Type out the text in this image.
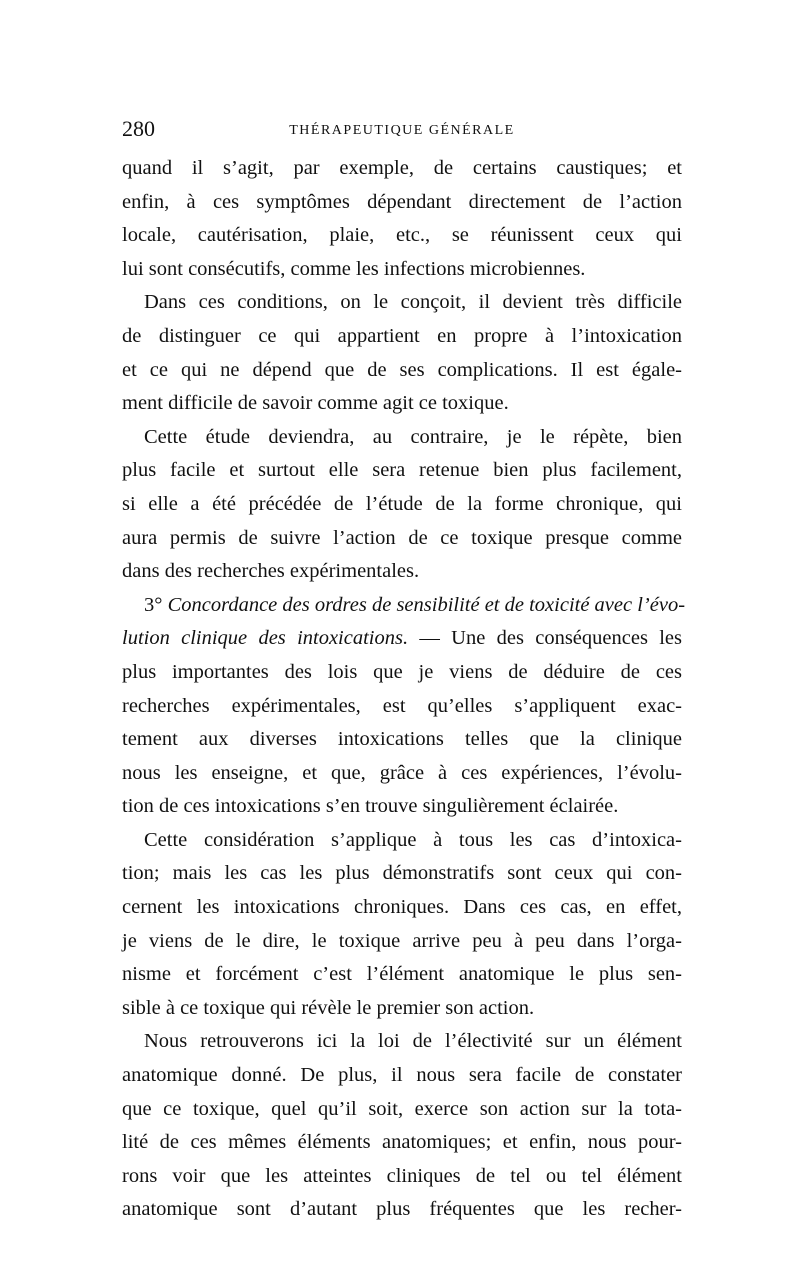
280	THÉRAPEUTIQUE GÉNÉRALE
quand il s’agit, par exemple, de certains caustiques; et
enfin, à ces symptômes dépendant directement de l’action
locale, cautérisation, plaie, etc., se réunissent ceux qui
lui sont consécutifs, comme les infections microbiennes.
Dans ces conditions, on le conçoit, il devient très difficile
de distinguer ce qui appartient en propre à l’intoxication
et ce qui ne dépend que de ses complications. Il est égale-
ment difficile de savoir comme agit ce toxique.
Cette étude deviendra, au contraire, je le répète, bien
plus facile et surtout elle sera retenue bien plus facilement,
si elle a été précédée de l’étude de la forme chronique, qui
aura permis de suivre l’action de ce toxique presque comme
dans des recherches expérimentales.
3° Concordance des ordres de sensibilité et de toxicité avec l’évo-
lution clinique des intoxications. — Une des conséquences les
plus importantes des lois que je viens de déduire de ces
recherches expérimentales, est qu’elles s’appliquent exac-
tement aux diverses intoxications telles que la clinique
nous les enseigne, et que, grâce à ces expériences, l’évolu-
tion de ces intoxications s’en trouve singulièrement éclairée.
Cette considération s’applique à tous les cas d’intoxica-
tion; mais les cas les plus démonstratifs sont ceux qui con-
cernent les intoxications chroniques. Dans ces cas, en effet,
je viens de le dire, le toxique arrive peu à peu dans l’orga-
nisme et forcément c’est l’élément anatomique le plus sen-
sible à ce toxique qui révèle le premier son action.
Nous retrouverons ici la loi de l’électivité sur un élément
anatomique donné. De plus, il nous sera facile de constater
que ce toxique, quel qu’il soit, exerce son action sur la tota-
lité de ces mêmes éléments anatomiques; et enfin, nous pour-
rons voir que les atteintes cliniques de tel ou tel élément
anatomique sont d’autant plus fréquentes que les recher-
